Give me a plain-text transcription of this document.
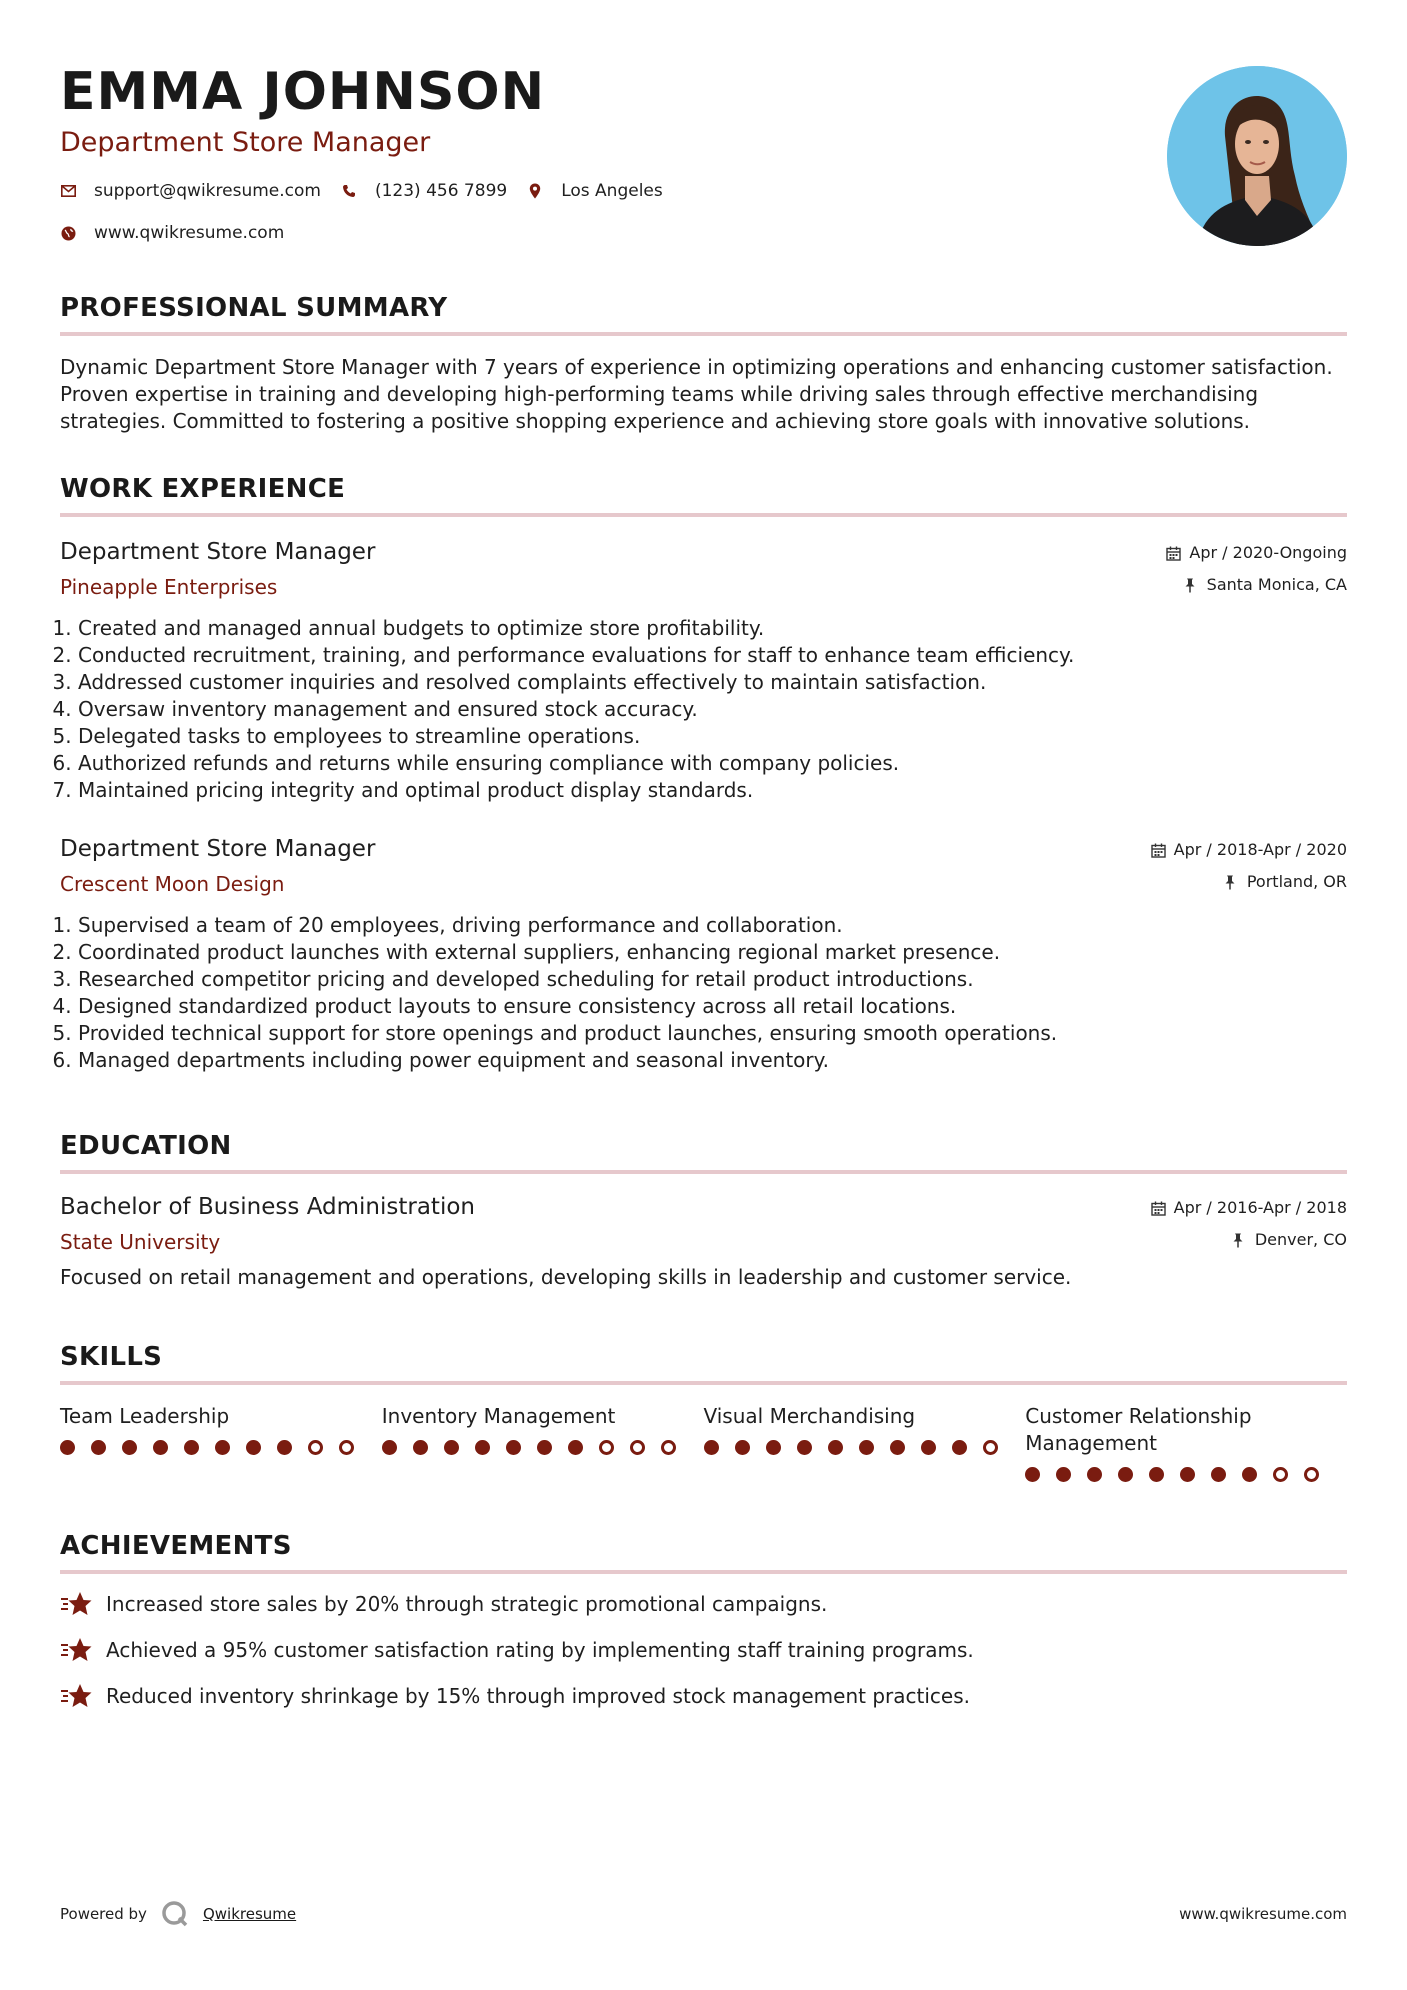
EMMA JOHNSON
Department Store Manager
support@qwikresume.com	(123) 456 7899	Los Angeles
www.qwikresume.com
PROFESSIONAL SUMMARY
Dynamic Department Store Manager with 7 years of experience in optimizing operations and enhancing customer satisfaction. Proven expertise in training and developing high-performing teams while driving sales through effective merchandising strategies. Committed to fostering a positive shopping experience and achieving store goals with innovative solutions.
WORK EXPERIENCE
Department Store Manager
Pineapple Enterprises
Apr / 2020-Ongoing
Santa Monica, CA
1. Created and managed annual budgets to optimize store profitability.
2. Conducted recruitment, training, and performance evaluations for staff to enhance team efficiency.
3. Addressed customer inquiries and resolved complaints effectively to maintain satisfaction.
4. Oversaw inventory management and ensured stock accuracy.
5. Delegated tasks to employees to streamline operations.
6. Authorized refunds and returns while ensuring compliance with company policies.
7. Maintained pricing integrity and optimal product display standards.
Department Store Manager
Crescent Moon Design
Apr / 2018-Apr / 2020
Portland, OR
1. Supervised a team of 20 employees, driving performance and collaboration.
2. Coordinated product launches with external suppliers, enhancing regional market presence.
3. Researched competitor pricing and developed scheduling for retail product introductions.
4. Designed standardized product layouts to ensure consistency across all retail locations.
5. Provided technical support for store openings and product launches, ensuring smooth operations.
6. Managed departments including power equipment and seasonal inventory.
EDUCATION
Bachelor of Business Administration
State University
Apr / 2016-Apr / 2018
Denver, CO
Focused on retail management and operations, developing skills in leadership and customer service.
SKILLS
Team Leadership	Inventory Management	Visual Merchandising	Customer Relationship Management
ACHIEVEMENTS
Increased store sales by 20% through strategic promotional campaigns.
Achieved a 95% customer satisfaction rating by implementing staff training programs.
Reduced inventory shrinkage by 15% through improved stock management practices.
Powered by	Qwikresume	www.qwikresume.com
